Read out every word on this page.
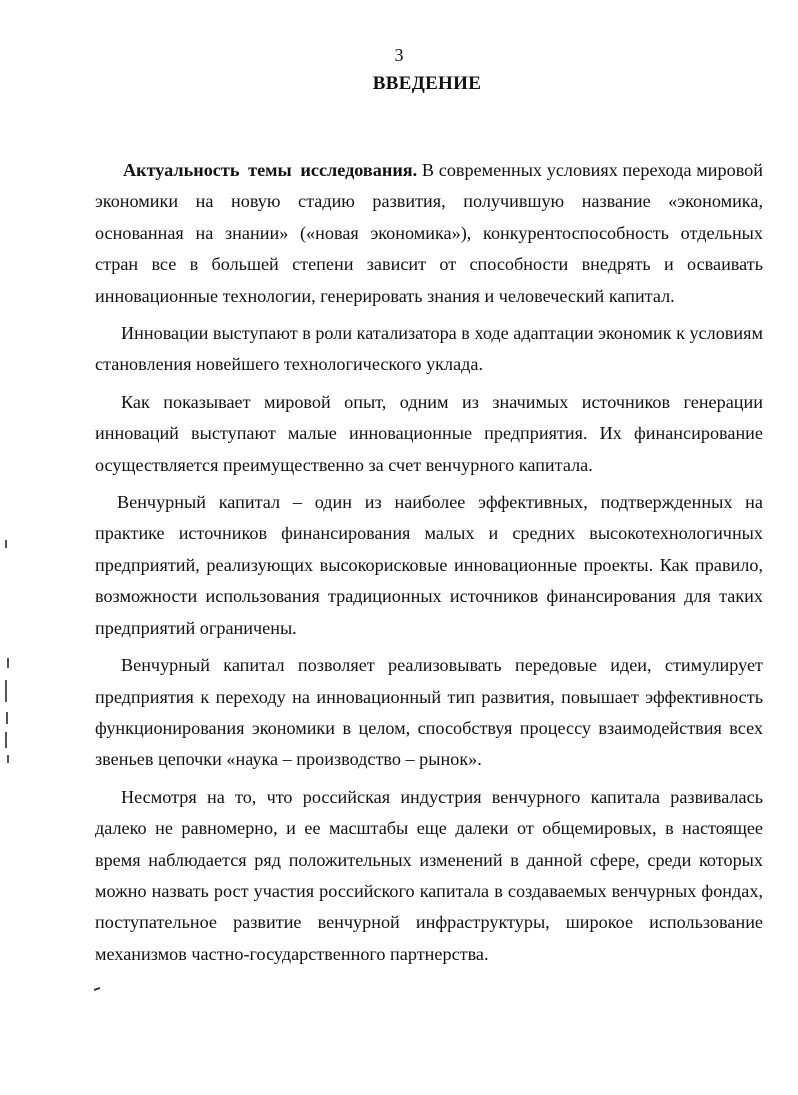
3
ВВЕДЕНИЕ

Актуальность темы исследования. В современных условиях перехода мировой экономики на новую стадию развития, получившую название «экономика, основанная на знании» («новая экономика»), конкурентоспособность отдельных стран все в большей степени зависит от способности внедрять и осваивать инновационные технологии, генерировать знания и человеческий капитал.

Инновации выступают в роли катализатора в ходе адаптации экономик к условиям становления новейшего технологического уклада.

Как показывает мировой опыт, одним из значимых источников генерации инноваций выступают малые инновационные предприятия. Их финансирование осуществляется преимущественно за счет венчурного капитала.

Венчурный капитал – один из наиболее эффективных, подтвержденных на практике источников финансирования малых и средних высокотехнологичных предприятий, реализующих высокорисковые инновационные проекты. Как правило, возможности использования традиционных источников финансирования для таких предприятий ограничены.

Венчурный капитал позволяет реализовывать передовые идеи, стимулирует предприятия к переходу на инновационный тип развития, повышает эффективность функционирования экономики в целом, способствуя процессу взаимодействия всех звеньев цепочки «наука – производство – рынок».

Несмотря на то, что российская индустрия венчурного капитала развивалась далеко не равномерно, и ее масштабы еще далеки от общемировых, в настоящее время наблюдается ряд положительных изменений в данной сфере, среди которых можно назвать рост участия российского капитала в создаваемых венчурных фондах, поступательное развитие венчурной инфраструктуры, широкое использование механизмов частно-государственного партнерства.
